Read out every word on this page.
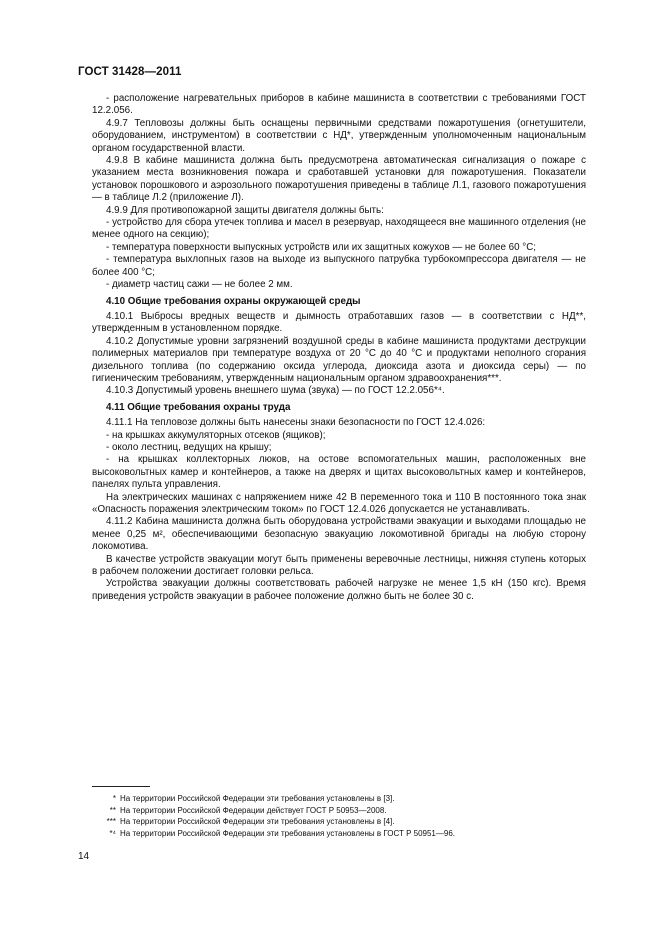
ГОСТ 31428—2011

- расположение нагревательных приборов в кабине машиниста в соответствии с требованиями ГОСТ 12.2.056.

4.9.7 Тепловозы должны быть оснащены первичными средствами пожаротушения (огнетушители, оборудованием, инструментом) в соответствии с НД*, утвержденным уполномоченным национальным органом государственной власти.

4.9.8 В кабине машиниста должна быть предусмотрена автоматическая сигнализация о пожаре с указанием места возникновения пожара и сработавшей установки для пожаротушения. Показатели установок порошкового и аэрозольного пожаротушения приведены в таблице Л.1, газового пожаротушения — в таблице Л.2 (приложение Л).

4.9.9 Для противопожарной защиты двигателя должны быть:

- устройство для сбора утечек топлива и масел в резервуар, находящееся вне машинного отделения (не менее одного на секцию);

- температура поверхности выпускных устройств или их защитных кожухов — не более 60 °С;

- температура выхлопных газов на выходе из выпускного патрубка турбокомпрессора двигателя — не более 400 °С;

- диаметр частиц сажи — не более 2 мм.

4.10 Общие требования охраны окружающей среды

4.10.1 Выбросы вредных веществ и дымность отработавших газов — в соответствии с НД**, утвержденным в установленном порядке.

4.10.2 Допустимые уровни загрязнений воздушной среды в кабине машиниста продуктами деструкции полимерных материалов при температуре воздуха от 20 °С до 40 °С и продуктами неполного сгорания дизельного топлива (по содержанию оксида углерода, диоксида азота и диоксида серы) — по гигиеническим требованиям, утвержденным национальным органом здравоохранения***.

4.10.3 Допустимый уровень внешнего шума (звука) — по ГОСТ 12.2.056*⁴.

4.11 Общие требования охраны труда

4.11.1 На тепловозе должны быть нанесены знаки безопасности по ГОСТ 12.4.026:

- на крышках аккумуляторных отсеков (ящиков);

- около лестниц, ведущих на крышу;

- на крышках коллекторных люков, на остове вспомогательных машин, расположенных вне высоковольтных камер и контейнеров, а также на дверях и щитах высоковольтных камер и контейнеров, панелях пульта управления.

На электрических машинах с напряжением ниже 42 В переменного тока и 110 В постоянного тока знак «Опасность поражения электрическим током» по ГОСТ 12.4.026 допускается не устанавливать.

4.11.2 Кабина машиниста должна быть оборудована устройствами эвакуации и выходами площадью не менее 0,25 м², обеспечивающими безопасную эвакуацию локомотивной бригады на любую сторону локомотива.

В качестве устройств эвакуации могут быть применены веревочные лестницы, нижняя ступень которых в рабочем положении достигает головки рельса.

Устройства эвакуации должны соответствовать рабочей нагрузке не менее 1,5 кН (150 кгс). Время приведения устройств эвакуации в рабочее положение должно быть не более 30 с.

* На территории Российской Федерации эти требования установлены в [3].
** На территории Российской Федерации действует ГОСТ Р 50953—2008.
*** На территории Российской Федерации эти требования установлены в [4].
*⁴ На территории Российской Федерации эти требования установлены в ГОСТ Р 50951—96.
14
